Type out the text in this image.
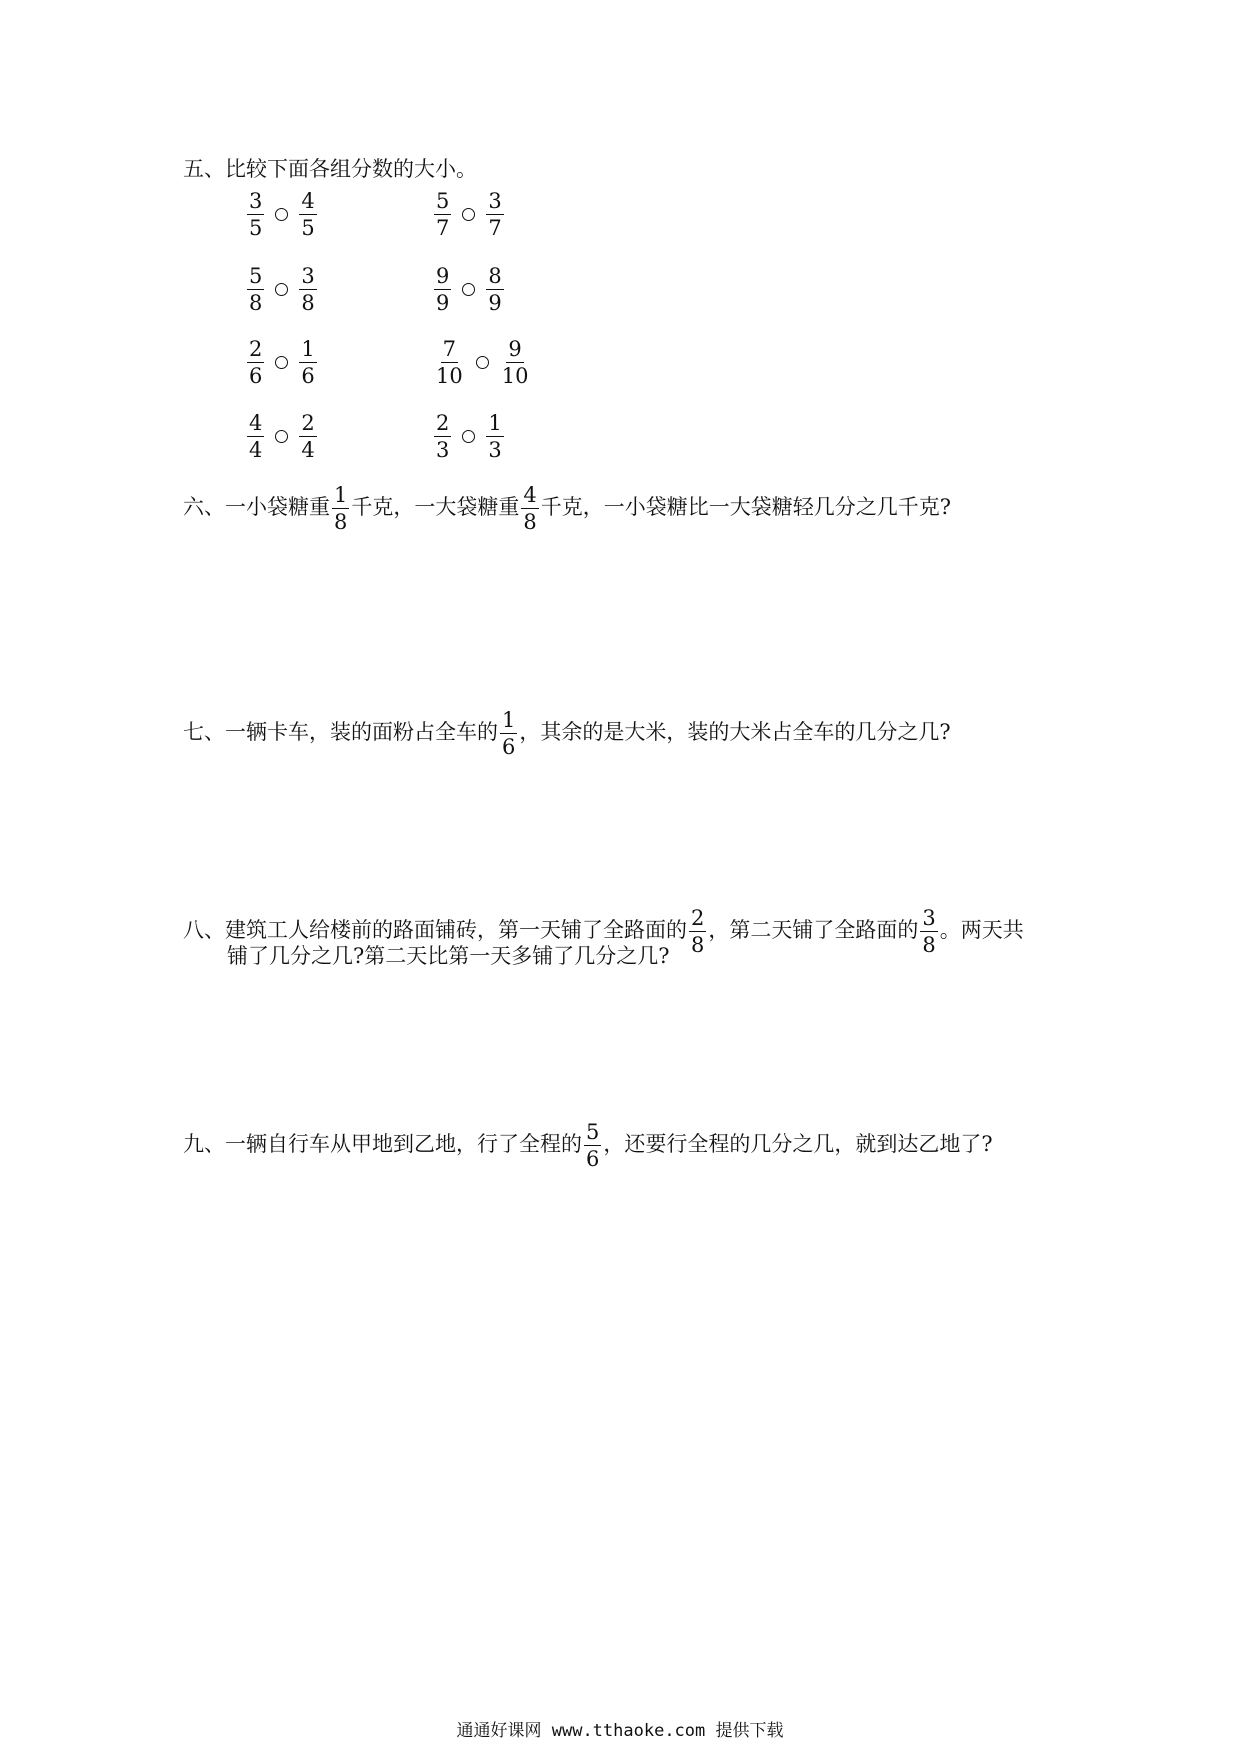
五、比较下面各组分数的大小。
$\frac{3}{5} \frac{4}{5}$	$\frac{5}{7} \frac{3}{7}$
$\frac{5}{8} \frac{3}{8}$	$\frac{9}{9} \frac{8}{9}$
$\frac{2}{6} \frac{1}{6}$	$\frac{7}{10} \frac{9}{10}$
$\frac{4}{4} \frac{2}{4}$	$\frac{2}{3} \frac{1}{3}$
六、一小袋糖重 $\frac{1}{8}$ 千克，一大袋糖重 $\frac{4}{8}$ 千克，一小袋糖比一大袋糖轻几分之几千克?
七、一辆卡车，装的面粉占全车的 $\frac{1}{6}$ ，其余的是大米，装的大米占全车的几分之几?
八、建筑工人给楼前的路面铺砖，第一天铺了全路面的 $\frac{2}{8}$ ，第二天铺了全路面的 $\frac{3}{8}$ 。两天共
铺了几分之几?第二天比第一天多铺了几分之几?
九、一辆自行车从甲地到乙地，行了全程的 $\frac{5}{6}$ ，还要行全程的几分之几，就到达乙地了?
通通好课网 www.tthaoke.com 提供下载
